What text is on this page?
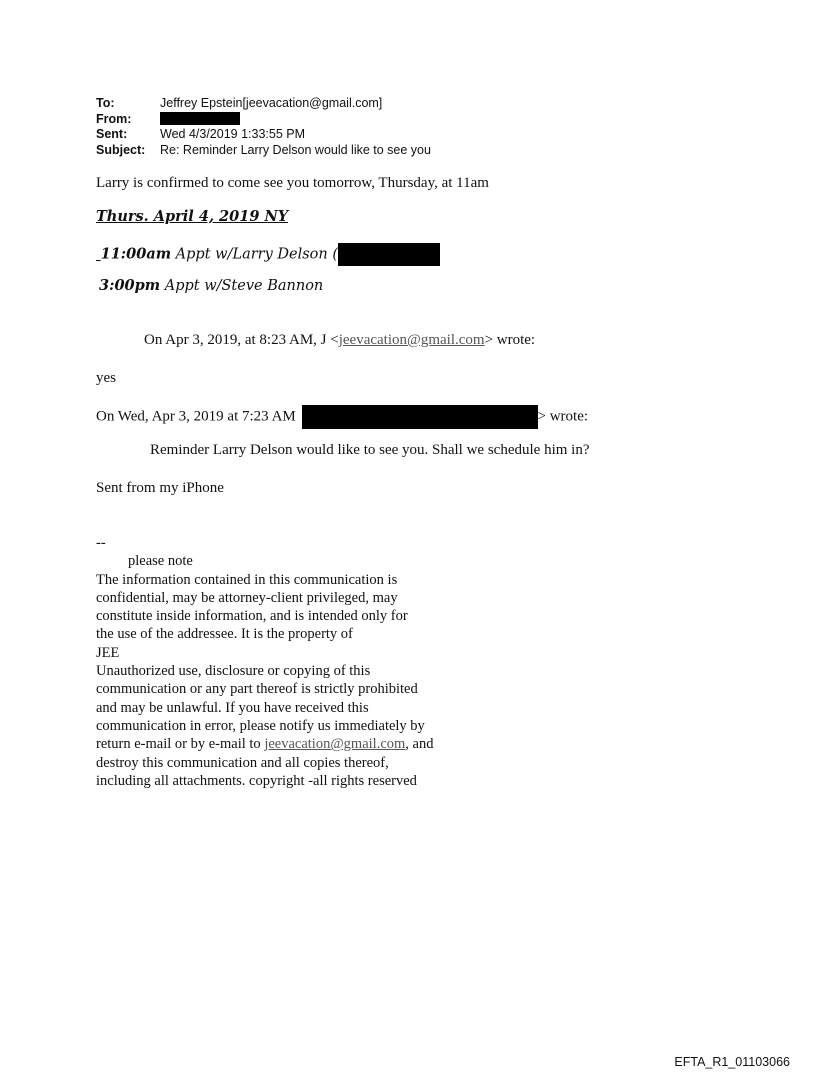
To:	Jeffrey Epstein[jeevacation@gmail.com]
From:
Sent:	Wed 4/3/2019 1:33:55 PM
Subject:	Re: Reminder Larry Delson would like to see you
Larry is confirmed to come see you tomorrow, Thursday, at 11am
Thurs. April 4, 2019 NY
11:00am Appt w/Larry Delson (
3:00pm Appt w/Steve Bannon
On Apr 3, 2019, at 8:23 AM, J <jeevacation@gmail.com> wrote:
yes
On Wed, Apr 3, 2019 at 7:23 AM	> wrote:
Reminder Larry Delson would like to see you. Shall we schedule him in?
Sent from my iPhone
--
please note
The information contained in this communication is
confidential, may be attorney-client privileged, may
constitute inside information, and is intended only for
the use of the addressee. It is the property of
JEE
Unauthorized use, disclosure or copying of this
communication or any part thereof is strictly prohibited
and may be unlawful. If you have received this
communication in error, please notify us immediately by
return e-mail or by e-mail to jeevacation@gmail.com, and
destroy this communication and all copies thereof,
including all attachments. copyright -all rights reserved
EFTA_R1_01103066
